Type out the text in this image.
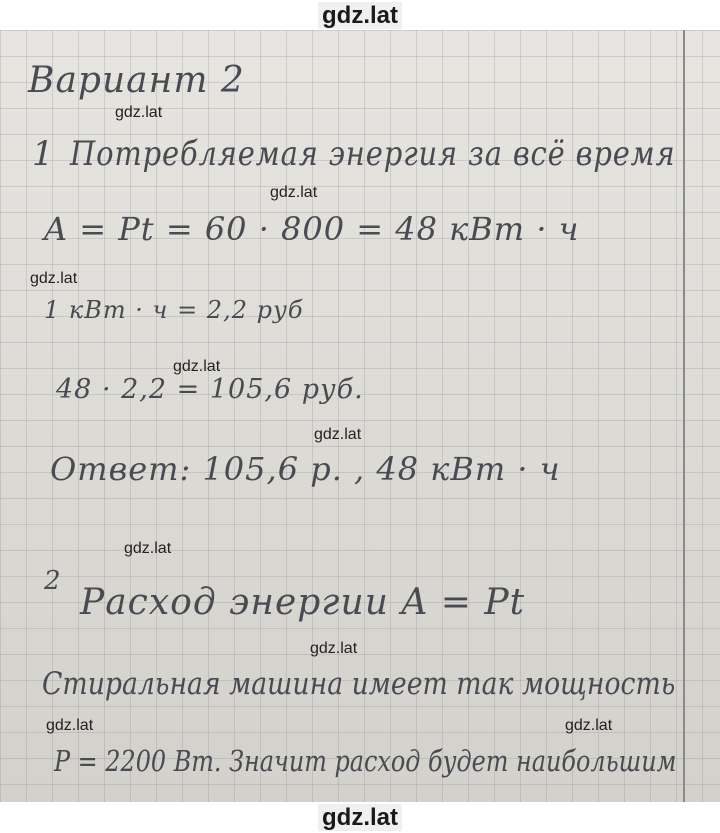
gdz.lat
Вариант 2
1 Потребляемая энергия за всё время
A = Pt = 60 · 800 = 48 кВт · ч
1 кВт · ч = 2,2 руб
48 · 2,2 = 105,6 руб.
Ответ: 105,6 р. , 48 кВт · ч
2
Расход энергии A = Pt
Стиральная машина имеет так мощность
P = 2200 Вт. Значит расход будет наибольшим
gdz.lat
gdz.lat
gdz.lat
gdz.lat
gdz.lat
gdz.lat
gdz.lat
gdz.lat	gdz.lat
gdz.lat
